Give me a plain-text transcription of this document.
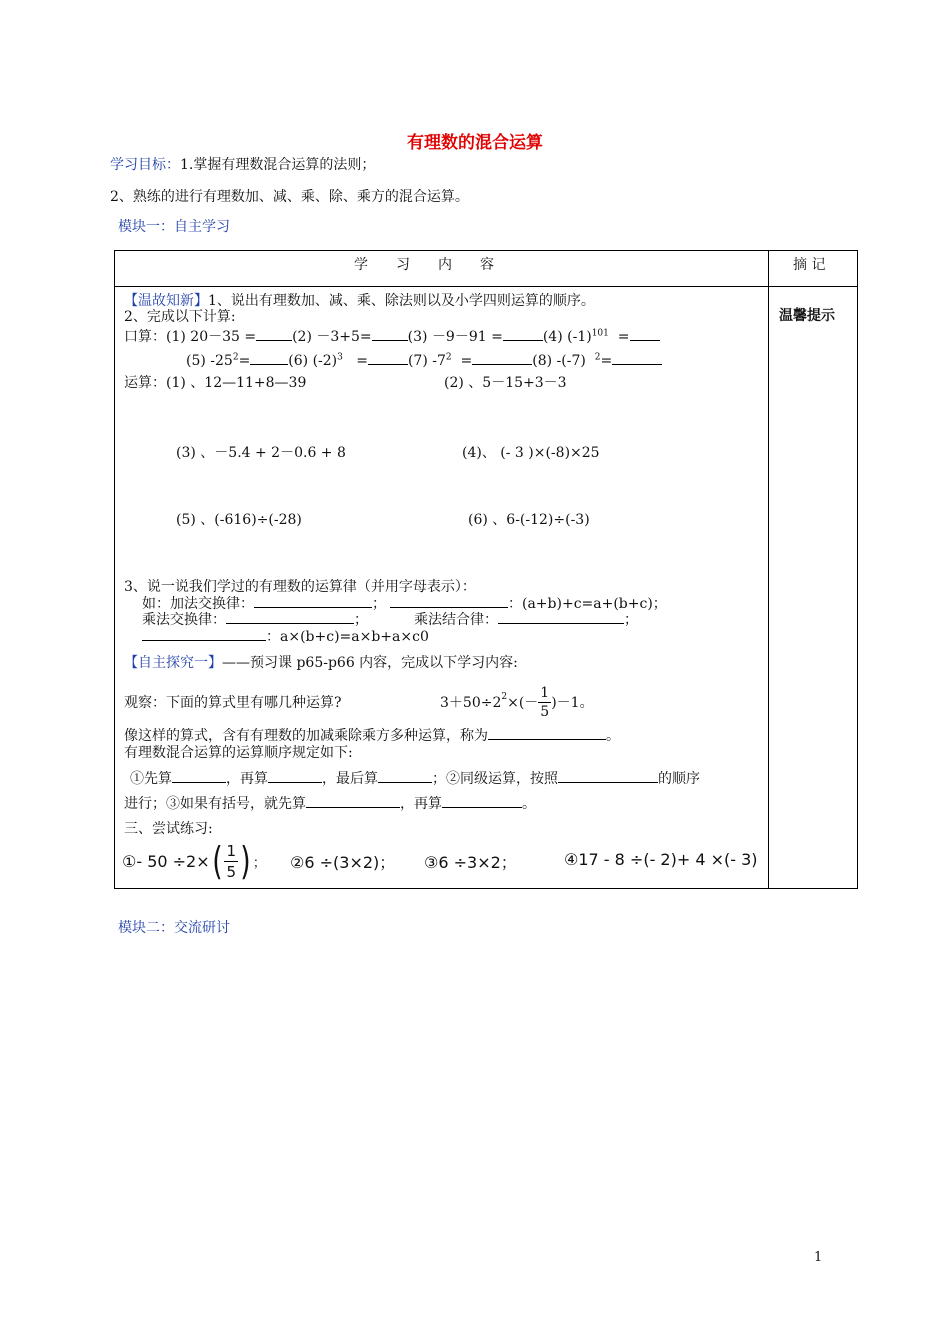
有理数的混合运算
学习目标：1.掌握有理数混合运算的法则；
2、熟练的进行有理数加、减、乘、除、乘方的混合运算。
模块一：自主学习
学　　习　　内　　容	摘 记
温馨提示
【温故知新】1、说出有理数加、减、乘、除法则以及小学四则运算的顺序。
2、完成以下计算:
口算：(1) 20－35 =	(2) －3+5=	(3) －9－91 =	(4) $(-1)^{101}$ =
(5) $-25^2=$	(6) $(-2)^3$ =	(7) $-7^2$ =	(8) -(-7) $^2$=
运算：(1) 、12—11+8—39	(2) 、5－15+3－3
(3) 、－5.4 + 2－0.6 + 8	(4)、 (- 3 )×(-8)×25
(5) 、(-616)÷(-28)	(6) 、6-(-12)÷(-3)
3、说一说我们学过的有理数的运算律（并用字母表示）：
如：加法交换律：	；	：(a+b)+c=a+(b+c)；
乘法交换律：	；	乘法结合律：	；
：a×(b+c)=a×b+a×c0
【自主探究一】——预习课 p65-p66 内容，完成以下学习内容:
观察：下面的算式里有哪几种运算?	$3+50\div 2^2$ ×(－ $\frac{1}{5} )-1$。
像这样的算式，含有有理数的加减乘除乘方多种运算，称为	。
有理数混合运算的运算顺序规定如下:
①先算	，再算	，最后算	；②同级运算，按照	的顺序
进行；③如果有括号，就先算	，再算	。
三、尝试练习:
①- 50 ÷2× ( $\frac{1}{5}$ ) ； ②6 ÷(3×2)； ③6 ÷3×2；	④17 - 8 ÷(- 2)+ 4 ×(- 3)
模块二：交流研讨
1
